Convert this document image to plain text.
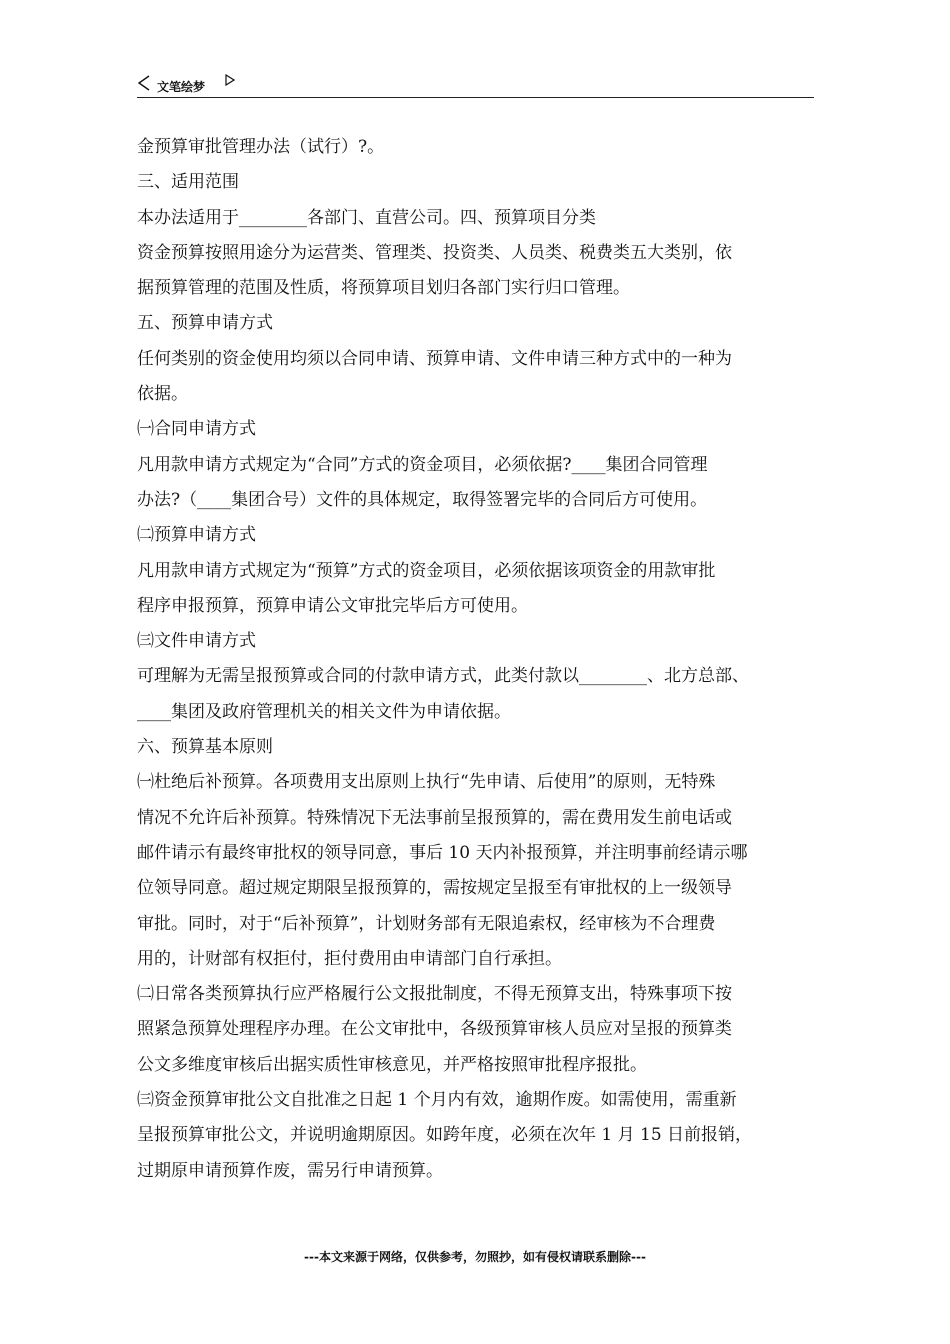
文笔绘梦
金预算审批管理办法（试行）?。
三、适用范围
本办法适用于________各部门、直营公司。四、预算项目分类
资金预算按照用途分为运营类、管理类、投资类、人员类、税费类五大类别，依
据预算管理的范围及性质，将预算项目划归各部门实行归口管理。
五、预算申请方式
任何类别的资金使用均须以合同申请、预算申请、文件申请三种方式中的一种为
依据。
㈠合同申请方式
凡用款申请方式规定为“合同”方式的资金项目，必须依据?____集团合同管理
办法?（____集团合号）文件的具体规定，取得签署完毕的合同后方可使用。
㈡预算申请方式
凡用款申请方式规定为“预算”方式的资金项目，必须依据该项资金的用款审批
程序申报预算，预算申请公文审批完毕后方可使用。
㈢文件申请方式
可理解为无需呈报预算或合同的付款申请方式，此类付款以________、北方总部、
____集团及政府管理机关的相关文件为申请依据。
六、预算基本原则
㈠杜绝后补预算。各项费用支出原则上执行“先申请、后使用”的原则，无特殊
情况不允许后补预算。特殊情况下无法事前呈报预算的，需在费用发生前电话或
邮件请示有最终审批权的领导同意，事后 10 天内补报预算，并注明事前经请示哪
位领导同意。超过规定期限呈报预算的，需按规定呈报至有审批权的上一级领导
审批。同时，对于“后补预算”，计划财务部有无限追索权，经审核为不合理费
用的，计财部有权拒付，拒付费用由申请部门自行承担。
㈡日常各类预算执行应严格履行公文报批制度，不得无预算支出，特殊事项下按
照紧急预算处理程序办理。在公文审批中，各级预算审核人员应对呈报的预算类
公文多维度审核后出据实质性审核意见，并严格按照审批程序报批。
㈢资金预算审批公文自批准之日起 1 个月内有效，逾期作废。如需使用，需重新
呈报预算审批公文，并说明逾期原因。如跨年度，必须在次年 1 月 15 日前报销，
过期原申请预算作废，需另行申请预算。
---本文来源于网络，仅供参考，勿照抄，如有侵权请联系删除---
